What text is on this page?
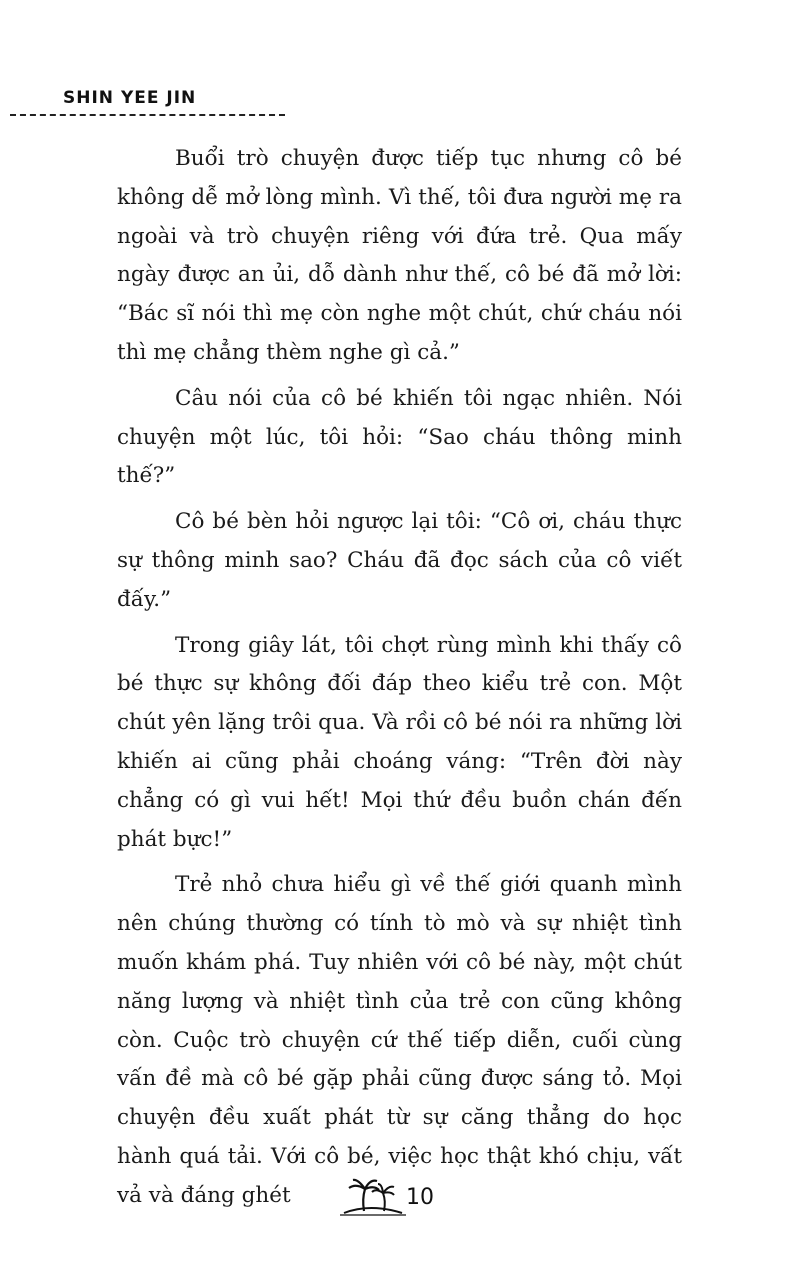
SHIN YEE JIN

Buổi trò chuyện được tiếp tục nhưng cô bé không dễ mở lòng mình. Vì thế, tôi đưa người mẹ ra ngoài và trò chuyện riêng với đứa trẻ. Qua mấy ngày được an ủi, dỗ dành như thế, cô bé đã mở lời: “Bác sĩ nói thì mẹ còn nghe một chút, chứ cháu nói thì mẹ chẳng thèm nghe gì cả.”

Câu nói của cô bé khiến tôi ngạc nhiên. Nói chuyện một lúc, tôi hỏi: “Sao cháu thông minh thế?”

Cô bé bèn hỏi ngược lại tôi: “Cô ơi, cháu thực sự thông minh sao? Cháu đã đọc sách của cô viết đấy.”

Trong giây lát, tôi chợt rùng mình khi thấy cô bé thực sự không đối đáp theo kiểu trẻ con. Một chút yên lặng trôi qua. Và rồi cô bé nói ra những lời khiến ai cũng phải choáng váng: “Trên đời này chẳng có gì vui hết! Mọi thứ đều buồn chán đến phát bực!”

Trẻ nhỏ chưa hiểu gì về thế giới quanh mình nên chúng thường có tính tò mò và sự nhiệt tình muốn khám phá. Tuy nhiên với cô bé này, một chút năng lượng và nhiệt tình của trẻ con cũng không còn. Cuộc trò chuyện cứ thế tiếp diễn, cuối cùng vấn đề mà cô bé gặp phải cũng được sáng tỏ. Mọi chuyện đều xuất phát từ sự căng thẳng do học hành quá tải. Với cô bé, việc học thật khó chịu, vất vả và đáng ghét	10
